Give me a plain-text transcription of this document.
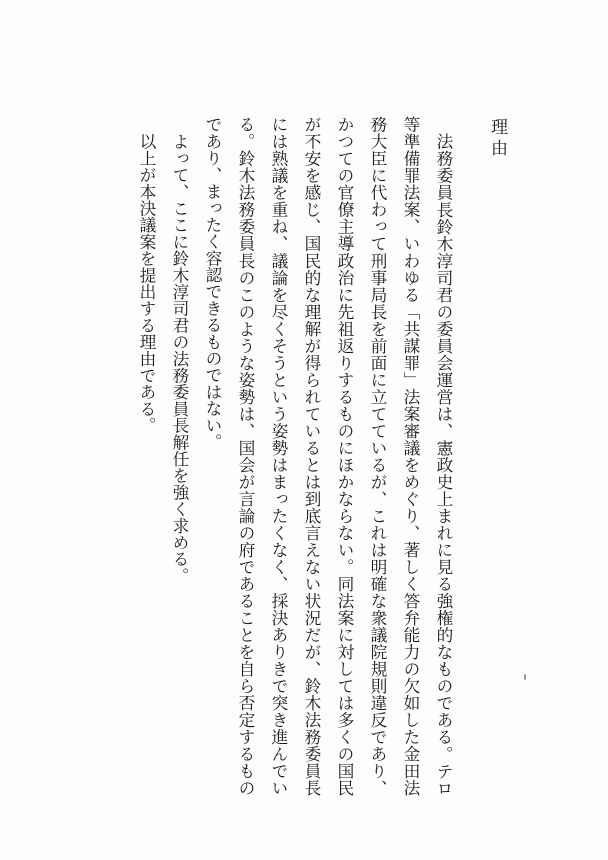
理由

法務委員長鈴木淳司君の委員会運営は、憲政史上まれに見る強権的なものである。テロ等準備罪法案、いわゆる「共謀罪」法案審議をめぐり、著しく答弁能力の欠如した金田法務大臣に代わって刑事局長を前面に立てているが、これは明確な衆議院規則違反であり、かつての官僚主導政治に先祖返りするものにほかならない。同法案に対しては多くの国民が不安を感じ、国民的な理解が得られているとは到底言えない状況だが、鈴木法務委員長には熟議を重ね、議論を尽くそうという姿勢はまったくなく、採決ありきで突き進んでいる。鈴木法務委員長のこのような姿勢は、国会が言論の府であることを自ら否定するものであり、まったく容認できるものではない。

よって、ここに鈴木淳司君の法務委員長解任を強く求める。

以上が本決議案を提出する理由である。
